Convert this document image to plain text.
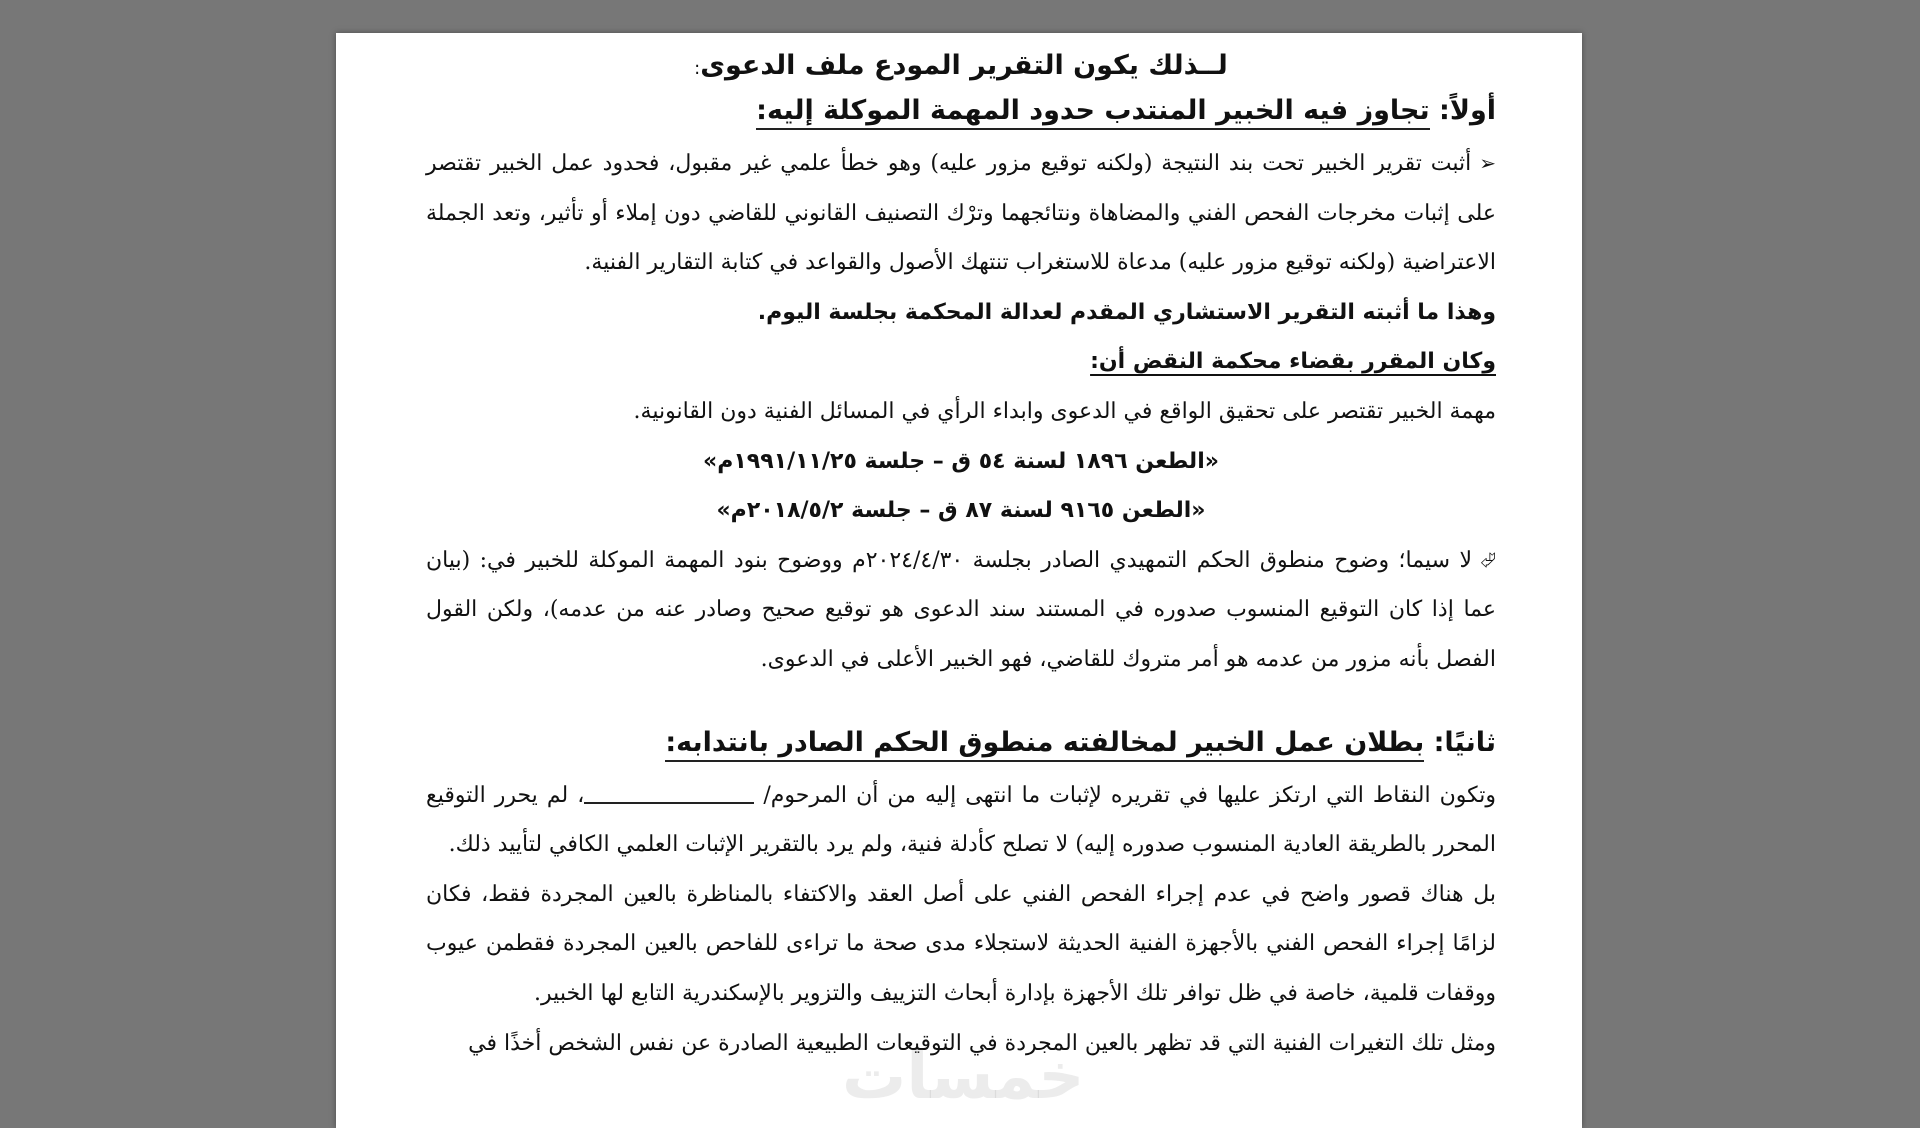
لــذلك يكون التقرير المودع ملف الدعوى:
أولاً: تجاوز فيه الخبير المنتدب حدود المهمة الموكلة إليه:
➢أثبت تقرير الخبير تحت بند النتيجة (ولكنه توقيع مزور عليه) وهو خطأ علمي غير مقبول، فحدود عمل الخبير تقتصر على إثبات مخرجات الفحص الفني والمضاهاة ونتائجهما وترْك التصنيف القانوني للقاضي دون إملاء أو تأثير، وتعد الجملة الاعتراضية (ولكنه توقيع مزور عليه) مدعاة للاستغراب تنتهك الأصول والقواعد في كتابة التقارير الفنية.
وهذا ما أثبته التقرير الاستشاري المقدم لعدالة المحكمة بجلسة اليوم.
وكان المقرر بقضاء محكمة النقض أن:
مهمة الخبير تقتصر على تحقيق الواقع في الدعوى وابداء الرأي في المسائل الفنية دون القانونية.
«الطعن ١٨٩٦ لسنة ٥٤ ق – جلسة ١٩٩١/١١/٢٥م»
«الطعن ٩١٦٥ لسنة ٨٧ ق – جلسة ٢٠١٨/٥/٢م»
⮰لا سيما؛ وضوح منطوق الحكم التمهيدي الصادر بجلسة ٢٠٢٤/٤/٣٠م ووضوح بنود المهمة الموكلة للخبير في: (بيان عما إذا كان التوقيع المنسوب صدوره في المستند سند الدعوى هو توقيع صحيح وصادر عنه من عدمه)، ولكن القول الفصل بأنه مزور من عدمه هو أمر متروك للقاضي، فهو الخبير الأعلى في الدعوى.
ثانيًا: بطلان عمل الخبير لمخالفته منطوق الحكم الصادر بانتدابه:
وتكون النقاط التي ارتكز عليها في تقريره لإثبات ما انتهى إليه من أن المرحوم/ ، لم يحرر التوقيع المحرر بالطريقة العادية المنسوب صدوره إليه) لا تصلح كأدلة فنية، ولم يرد بالتقرير الإثبات العلمي الكافي لتأييد ذلك.
بل هناك قصور واضح في عدم إجراء الفحص الفني على أصل العقد والاكتفاء بالمناظرة بالعين المجردة فقط، فكان لزامًا إجراء الفحص الفني بالأجهزة الفنية الحديثة لاستجلاء مدى صحة ما تراءى للفاحص بالعين المجردة فقطمن عيوب ووقفات قلمية، خاصة في ظل توافر تلك الأجهزة بإدارة أبحاث التزييف والتزوير بالإسكندرية التابع لها الخبير.
ومثل تلك التغيرات الفنية التي قد تظهر بالعين المجردة في التوقيعات الطبيعية الصادرة عن نفس الشخص أخذًا في
